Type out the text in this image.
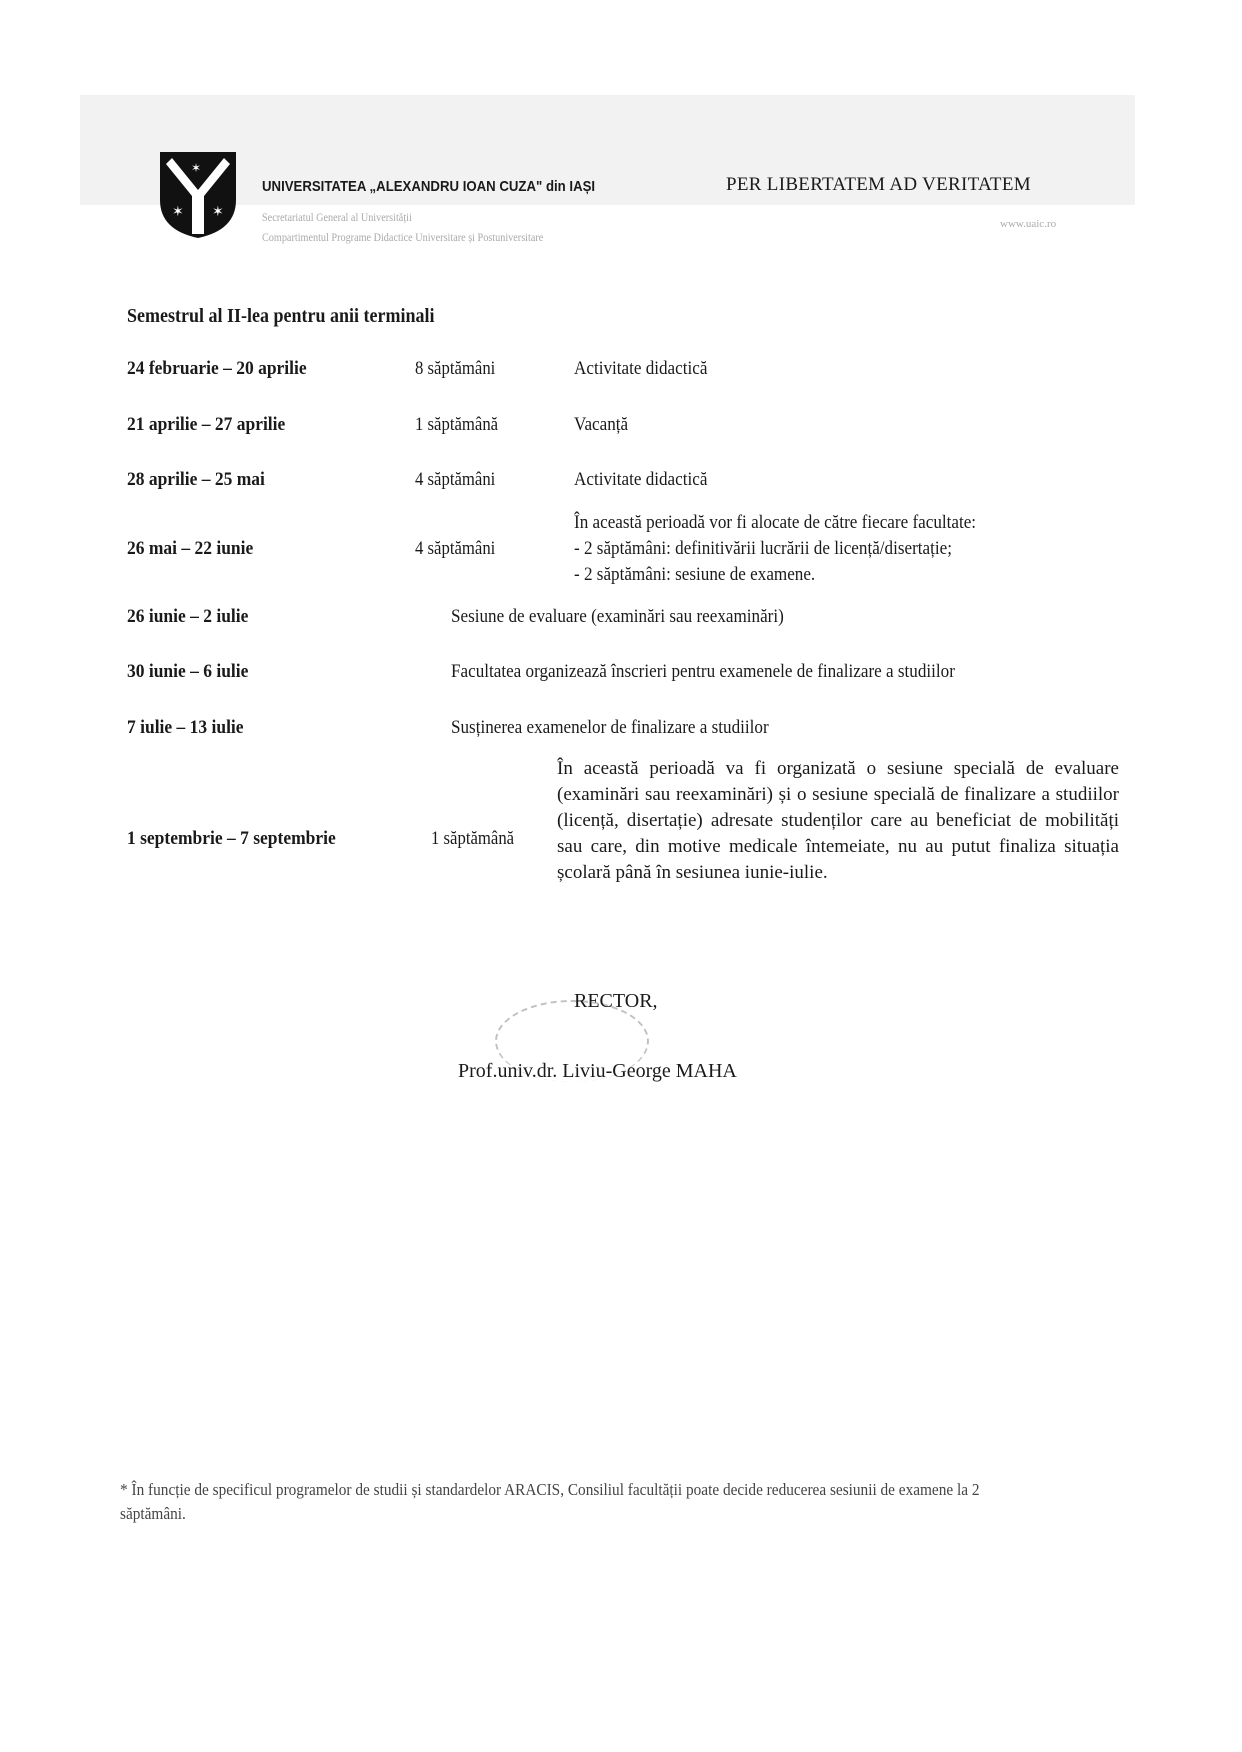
✶ ✶
✶
UNIVERSITATEA „ALEXANDRU IOAN CUZA" din IAȘI	PER LIBERTATEM AD VERITATEM
Secretariatul General al Universității
Compartimentul Programe Didactice Universitare și Postuniversitare
www.uaic.ro
Semestrul al II-lea pentru anii terminali
24 februarie – 20 aprilie	8 săptămâni	Activitate didactică
21 aprilie – 27 aprilie	1 săptămână	Vacanță
28 aprilie – 25 mai	4 săptămâni	Activitate didactică
26 mai – 22 iunie	4 săptămâni
În această perioadă vor fi alocate de către fiecare facultate:
- 2 săptămâni: definitivării lucrării de licență/disertație;
- 2 săptămâni: sesiune de examene.
26 iunie – 2 iulie	Sesiune de evaluare (examinări sau reexaminări)
30 iunie – 6 iulie	Facultatea organizează înscrieri pentru examenele de finalizare a studiilor
7 iulie – 13 iulie	Susținerea examenelor de finalizare a studiilor
1 septembrie – 7 septembrie	1 săptămână
În această perioadă va fi organizată o sesiune specială de evaluare (examinări sau reexaminări) și o sesiune specială de finalizare a studiilor (licență, disertație) adresate studenților care au beneficiat de mobilități sau care, din motive medicale întemeiate, nu au putut finaliza situația școlară până în sesiunea iunie-iulie.
RECTOR,
Prof.univ.dr. Liviu-George MAHA
* În funcție de specificul programelor de studii și standardelor ARACIS, Consiliul facultății poate decide reducerea sesiunii de examene la 2 săptămâni.
